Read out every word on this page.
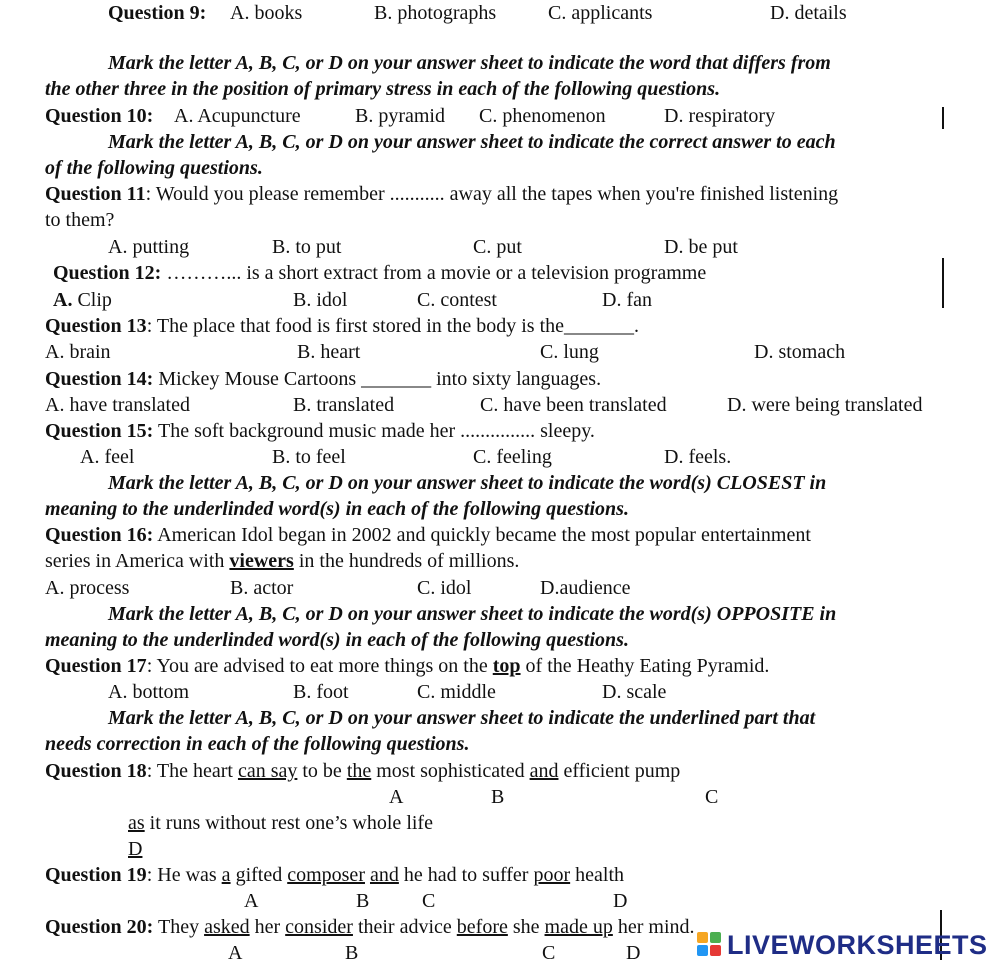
Question 9: A. books	B. photographs	C. applicants	D. details
Mark the letter A, B, C, or D on your answer sheet to indicate the word that differs from
the other three in the position of primary stress in each of the following questions.
Question 10: A. Acupuncture	B. pyramid C. phenomenon	D. respiratory
Mark the letter A, B, C, or D on your answer sheet to indicate the correct answer to each
of the following questions.
Question 11: Would you please remember ........... away all the tapes when you're finished listening
to them?
A. putting	B. to put	C. put	D. be put
Question 12: ………... is a short extract from a movie or a television programme
A. Clip	B. idol	C. contest	D. fan
Question 13: The place that food is first stored in the body is the_______.
A. brain	B. heart	C. lung	D. stomach
Question 14: Mickey Mouse Cartoons _______ into sixty languages.
A. have translated	B. translated	C. have been translated	D. were being translated
Question 15: The soft background music made her ............... sleepy.
A. feel	B. to feel	C. feeling	D. feels.
Mark the letter A, B, C, or D on your answer sheet to indicate the word(s) CLOSEST in
meaning to the underlinded word(s) in each of the following questions.
Question 16: American Idol began in 2002 and quickly became the most popular entertainment
series in America with viewers in the hundreds of millions.
A. process	B. actor	C. idol	D.audience
Mark the letter A, B, C, or D on your answer sheet to indicate the word(s) OPPOSITE in
meaning to the underlinded word(s) in each of the following questions.
Question 17: You are advised to eat more things on the top of the Heathy Eating Pyramid.
A. bottom	B. foot	C. middle	D. scale
Mark the letter A, B, C, or D on your answer sheet to indicate the underlined part that
needs correction in each of the following questions.
Question 18: The heart can say to be the most sophisticated and efficient pump
A	B	C
as it runs without rest one’s whole life
D
Question 19: He was a gifted composer and he had to suffer poor health
A	B	C	D
Question 20: They asked her consider their advice before she made up her mind.
A	B	C	D	LIVEWORKSHEETS
